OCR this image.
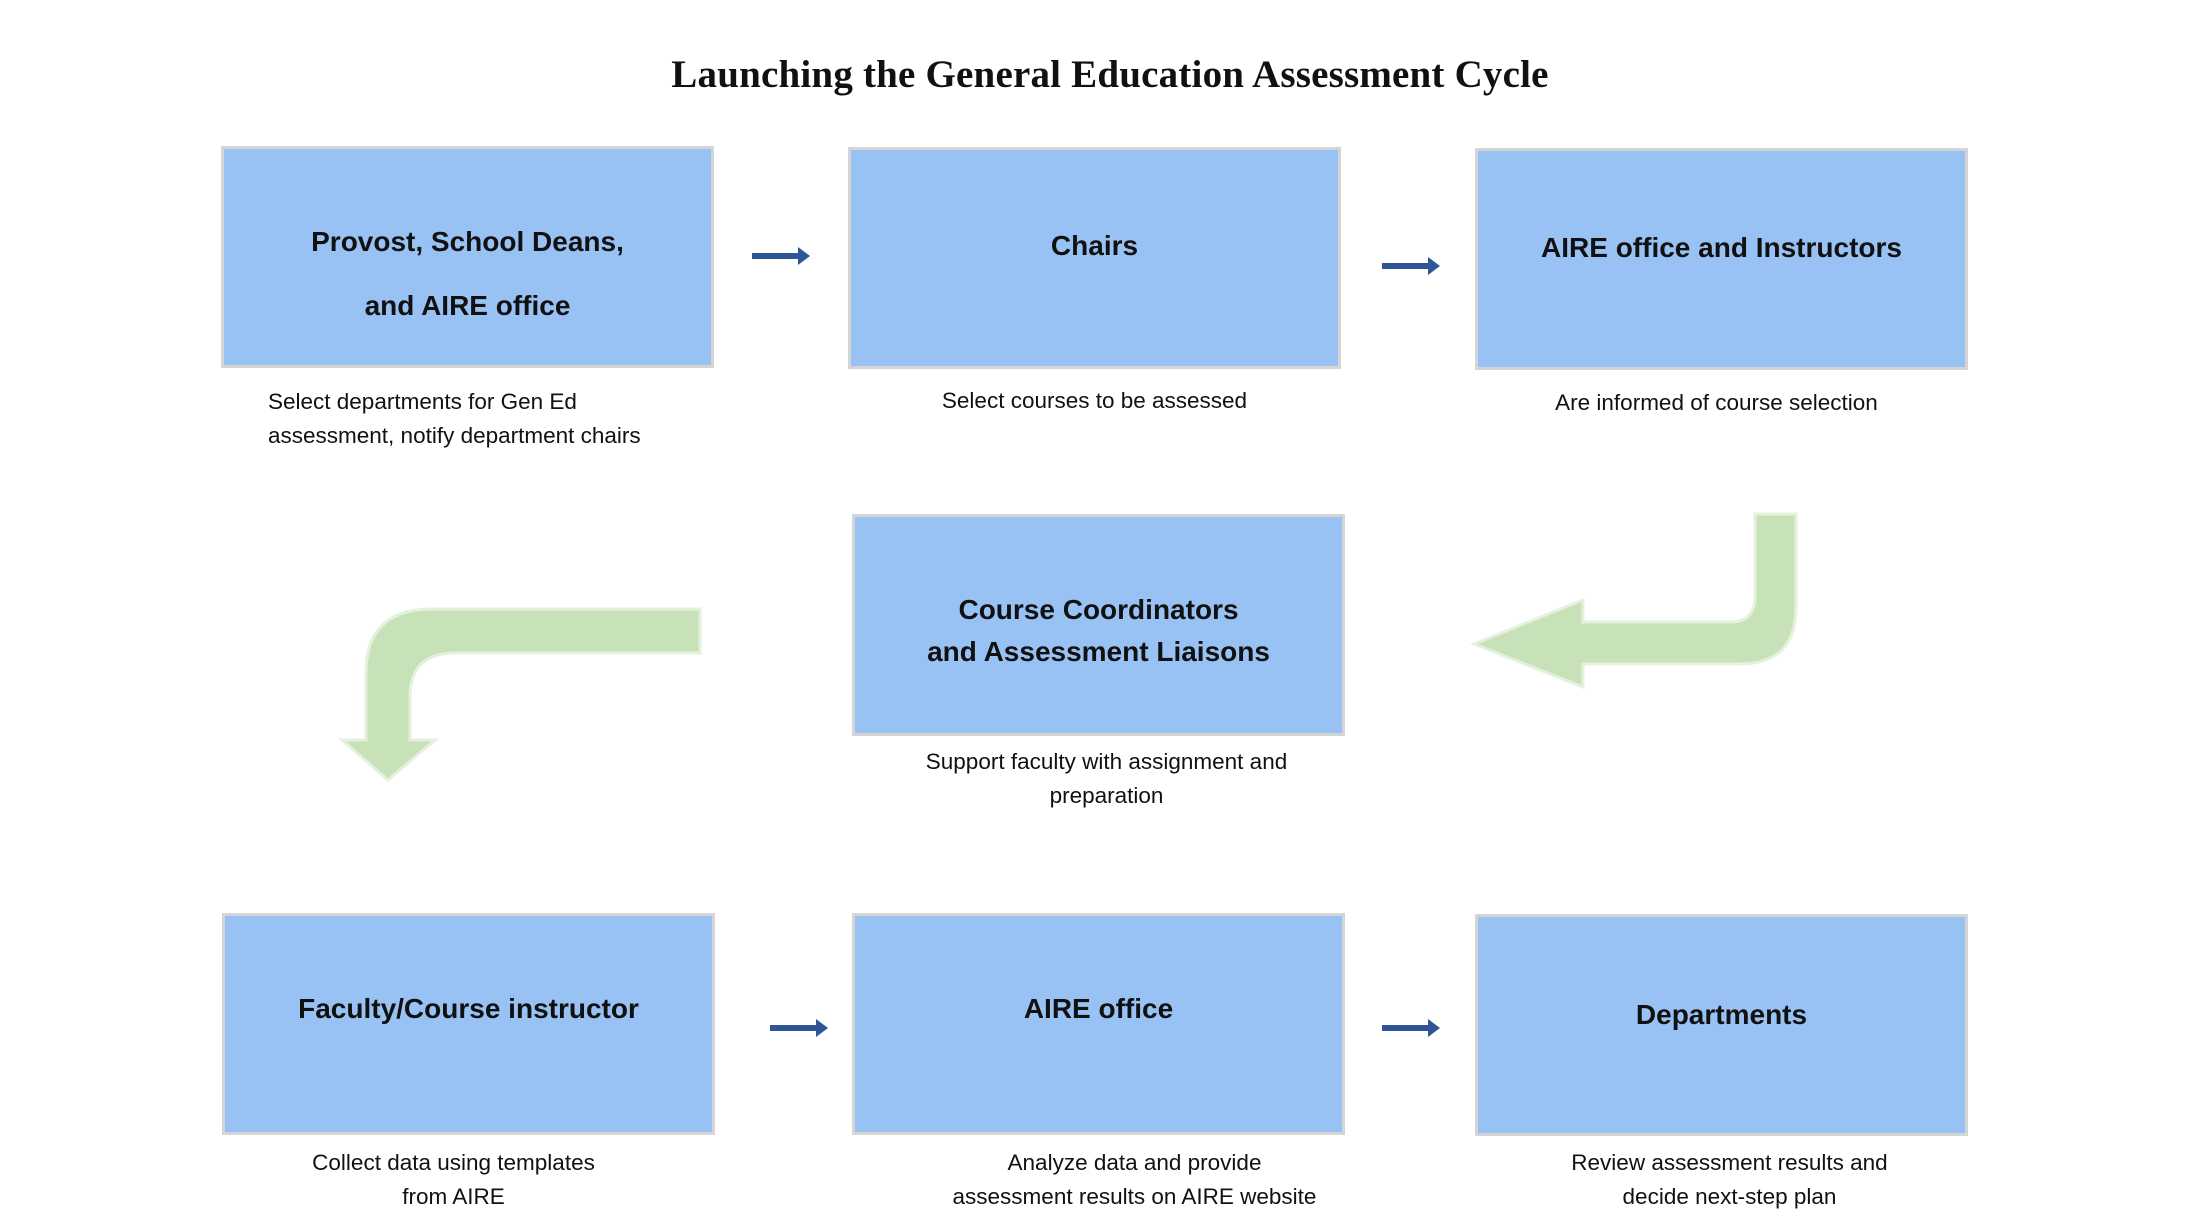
Launching the General Education Assessment Cycle
Provost, School Deans,
and AIRE office
Select departments for Gen Ed
assessment, notify department chairs
Chairs
Select courses to be assessed
AIRE office and Instructors
Are informed of course selection
Course Coordinators
and Assessment Liaisons
Support faculty with assignment and
preparation
Faculty/Course instructor
Collect data using templates
from AIRE
AIRE office
Analyze data and provide
assessment results on AIRE website
Departments
Review assessment results and
decide next-step plan
